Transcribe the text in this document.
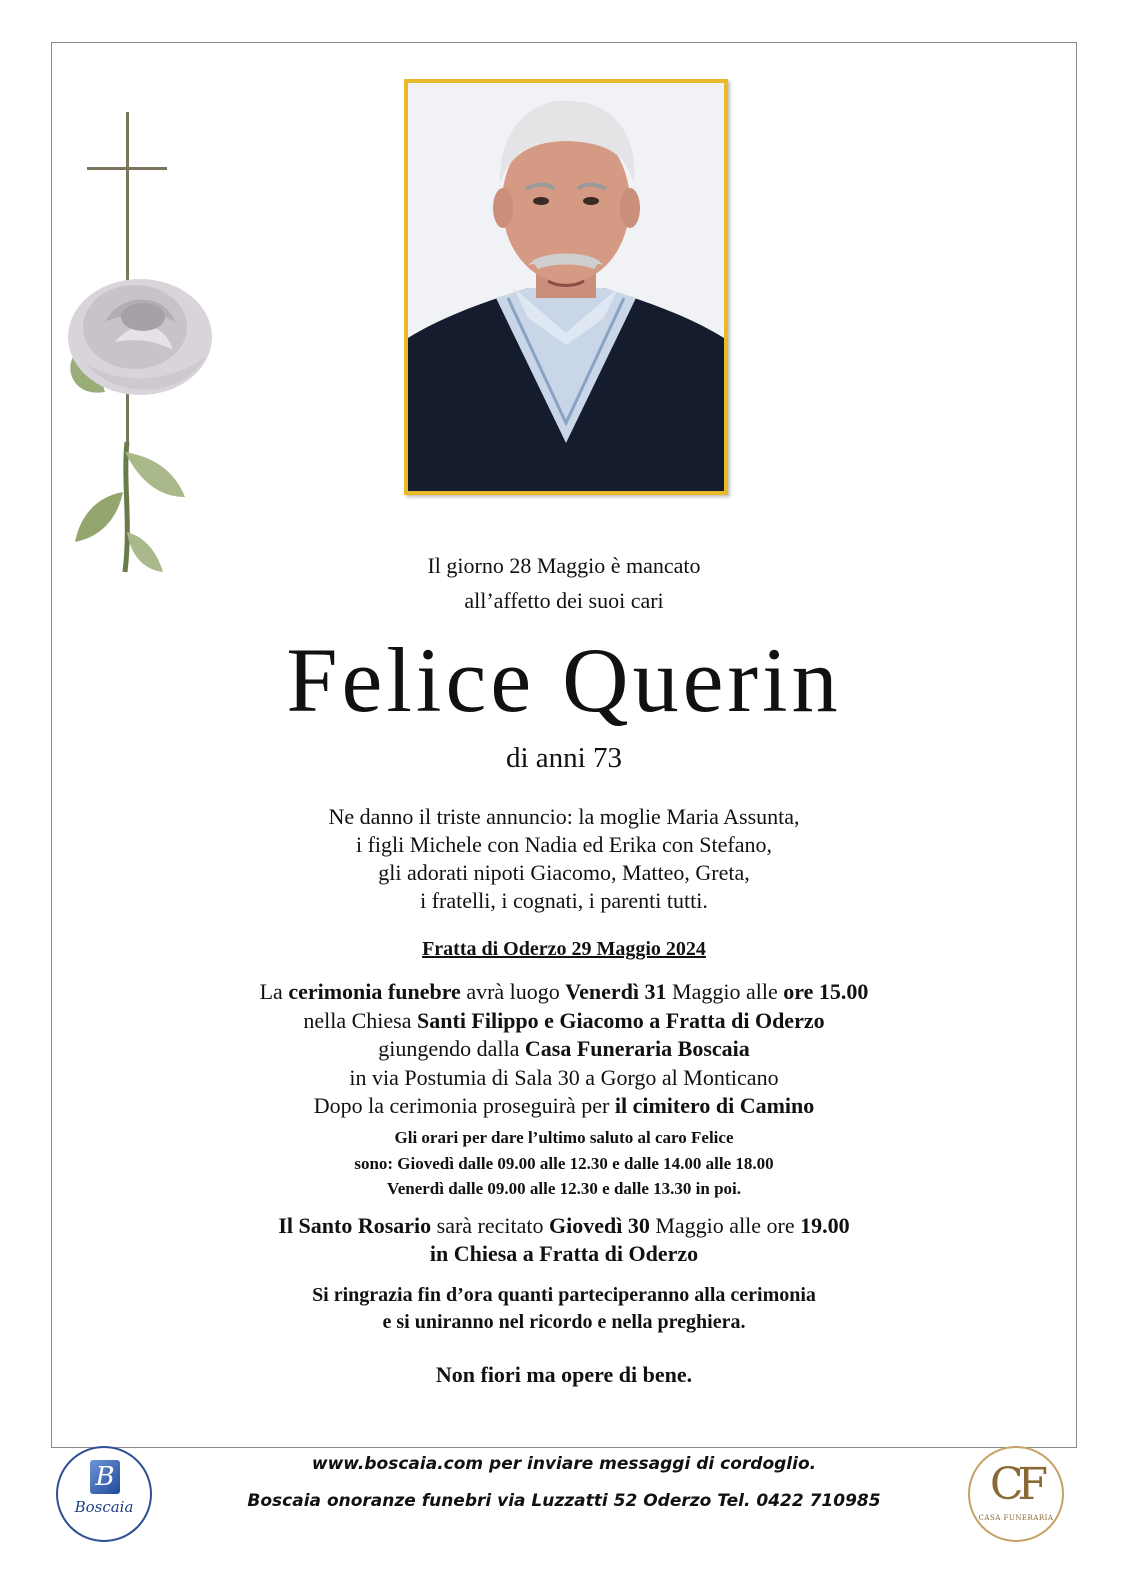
Il giorno 28 Maggio è mancato
all’affetto dei suoi cari
Felice Querin
di anni 73
Ne danno il triste annuncio: la moglie Maria Assunta,
i figli Michele con Nadia ed Erika con Stefano,
gli adorati nipoti Giacomo, Matteo, Greta,
i fratelli, i cognati, i parenti tutti.
Fratta di Oderzo 29 Maggio 2024
La cerimonia funebre avrà luogo Venerdì 31 Maggio alle ore 15.00
nella Chiesa Santi Filippo e Giacomo a Fratta di Oderzo
giungendo dalla Casa Funeraria Boscaia
in via Postumia di Sala 30 a Gorgo al Monticano
Dopo la cerimonia proseguirà per il cimitero di Camino
Gli orari per dare l’ultimo saluto al caro Felice
sono: Giovedì dalle 09.00 alle 12.30 e dalle 14.00 alle 18.00
Venerdì dalle 09.00 alle 12.30 e dalle 13.30 in poi.
Il Santo Rosario sarà recitato Giovedì 30 Maggio alle ore 19.00
in Chiesa a Fratta di Oderzo
Si ringrazia fin d’ora quanti parteciperanno alla cerimonia
e si uniranno nel ricordo e nella preghiera.
Non fiori ma opere di bene.
B
Boscaia
www.boscaia.com per inviare messaggi di cordoglio.
Boscaia onoranze funebri via Luzzatti 52 Oderzo Tel. 0422 710985	CF
CASA FUNERARIA
